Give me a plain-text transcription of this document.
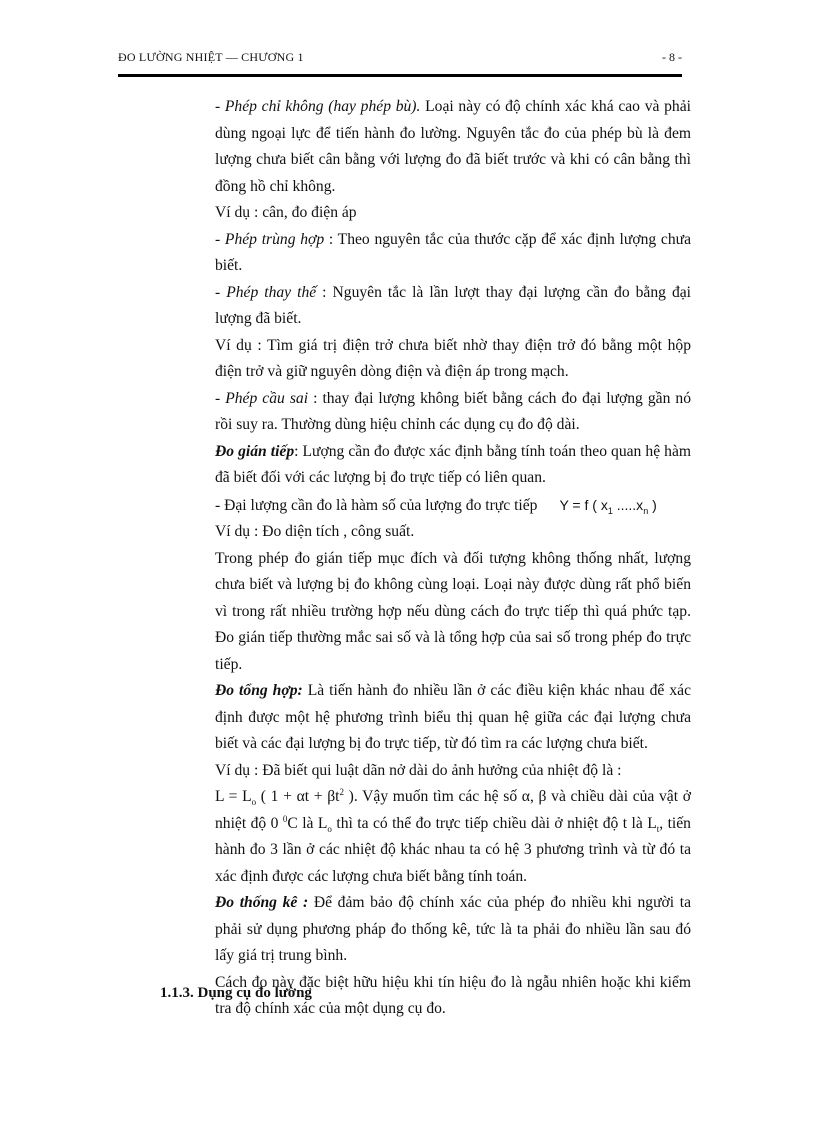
ĐO LƯỜNG NHIỆT — CHƯƠNG 1	- 8 -

- Phép chỉ không (hay phép bù). Loại này có độ chính xác khá cao và phải dùng ngoại lực để tiến hành đo lường. Nguyên tắc đo của phép bù là đem lượng chưa biết cân bằng với lượng đo đã biết trước và khi có cân bằng thì đồng hồ chỉ không.

Ví dụ : cân, đo điện áp

- Phép trùng hợp : Theo nguyên tắc của thước cặp để xác định lượng chưa biết.

- Phép thay thế : Nguyên tắc là lần lượt thay đại lượng cần đo bằng đại lượng đã biết.

Ví dụ : Tìm giá trị điện trở chưa biết nhờ thay điện trở đó bằng một hộp điện trở và giữ nguyên dòng điện và điện áp trong mạch.

- Phép cầu sai : thay đại lượng không biết bằng cách đo đại lượng gần nó rồi suy ra. Thường dùng hiệu chỉnh các dụng cụ đo độ dài.

Đo gián tiếp: Lượng cần đo được xác định bằng tính toán theo quan hệ hàm đã biết đối với các lượng bị đo trực tiếp có liên quan.

- Đại lượng cần đo là hàm số của lượng đo trực tiếp Y = f ( $x_1$ $.....x_n$ )

Ví dụ : Đo diện tích , công suất.

Trong phép đo gián tiếp mục đích và đối tượng không thống nhất, lượng chưa biết và lượng bị đo không cùng loại. Loại này được dùng rất phổ biến vì trong rất nhiều trường hợp nếu dùng cách đo trực tiếp thì quá phức tạp. Đo gián tiếp thường mắc sai số và là tổng hợp của sai số trong phép đo trực tiếp.

Đo tổng hợp: Là tiến hành đo nhiều lần ở các điều kiện khác nhau để xác định được một hệ phương trình biểu thị quan hệ giữa các đại lượng chưa biết và các đại lượng bị đo trực tiếp, từ đó tìm ra các lượng chưa biết.

Ví dụ : Đã biết qui luật dãn nở dài do ảnh hưởng của nhiệt độ là :

$L = L_o$ ( $1 + \alpha t + \beta t^2$ ). Vậy muốn tìm các hệ số α, β và chiều dài của vật ở nhiệt độ 0 $^0$C là $L_o$ thì ta có thể đo trực tiếp chiều dài ở nhiệt độ t là $L_t$, tiến hành đo 3 lần ở các nhiệt độ khác nhau ta có hệ 3 phương trình và từ đó ta xác định được các lượng chưa biết bằng tính toán.

Đo thống kê : Để đảm bảo độ chính xác của phép đo nhiều khi người ta phải sử dụng phương pháp đo thống kê, tức là ta phải đo nhiều lần sau đó lấy giá trị trung bình.

Cách đo này đặc biệt hữu hiệu khi tín hiệu đo là ngẫu nhiên hoặc khi kiểm tra độ chính xác của một dụng cụ đo.

1.1.3. Dụng cụ đo lường
